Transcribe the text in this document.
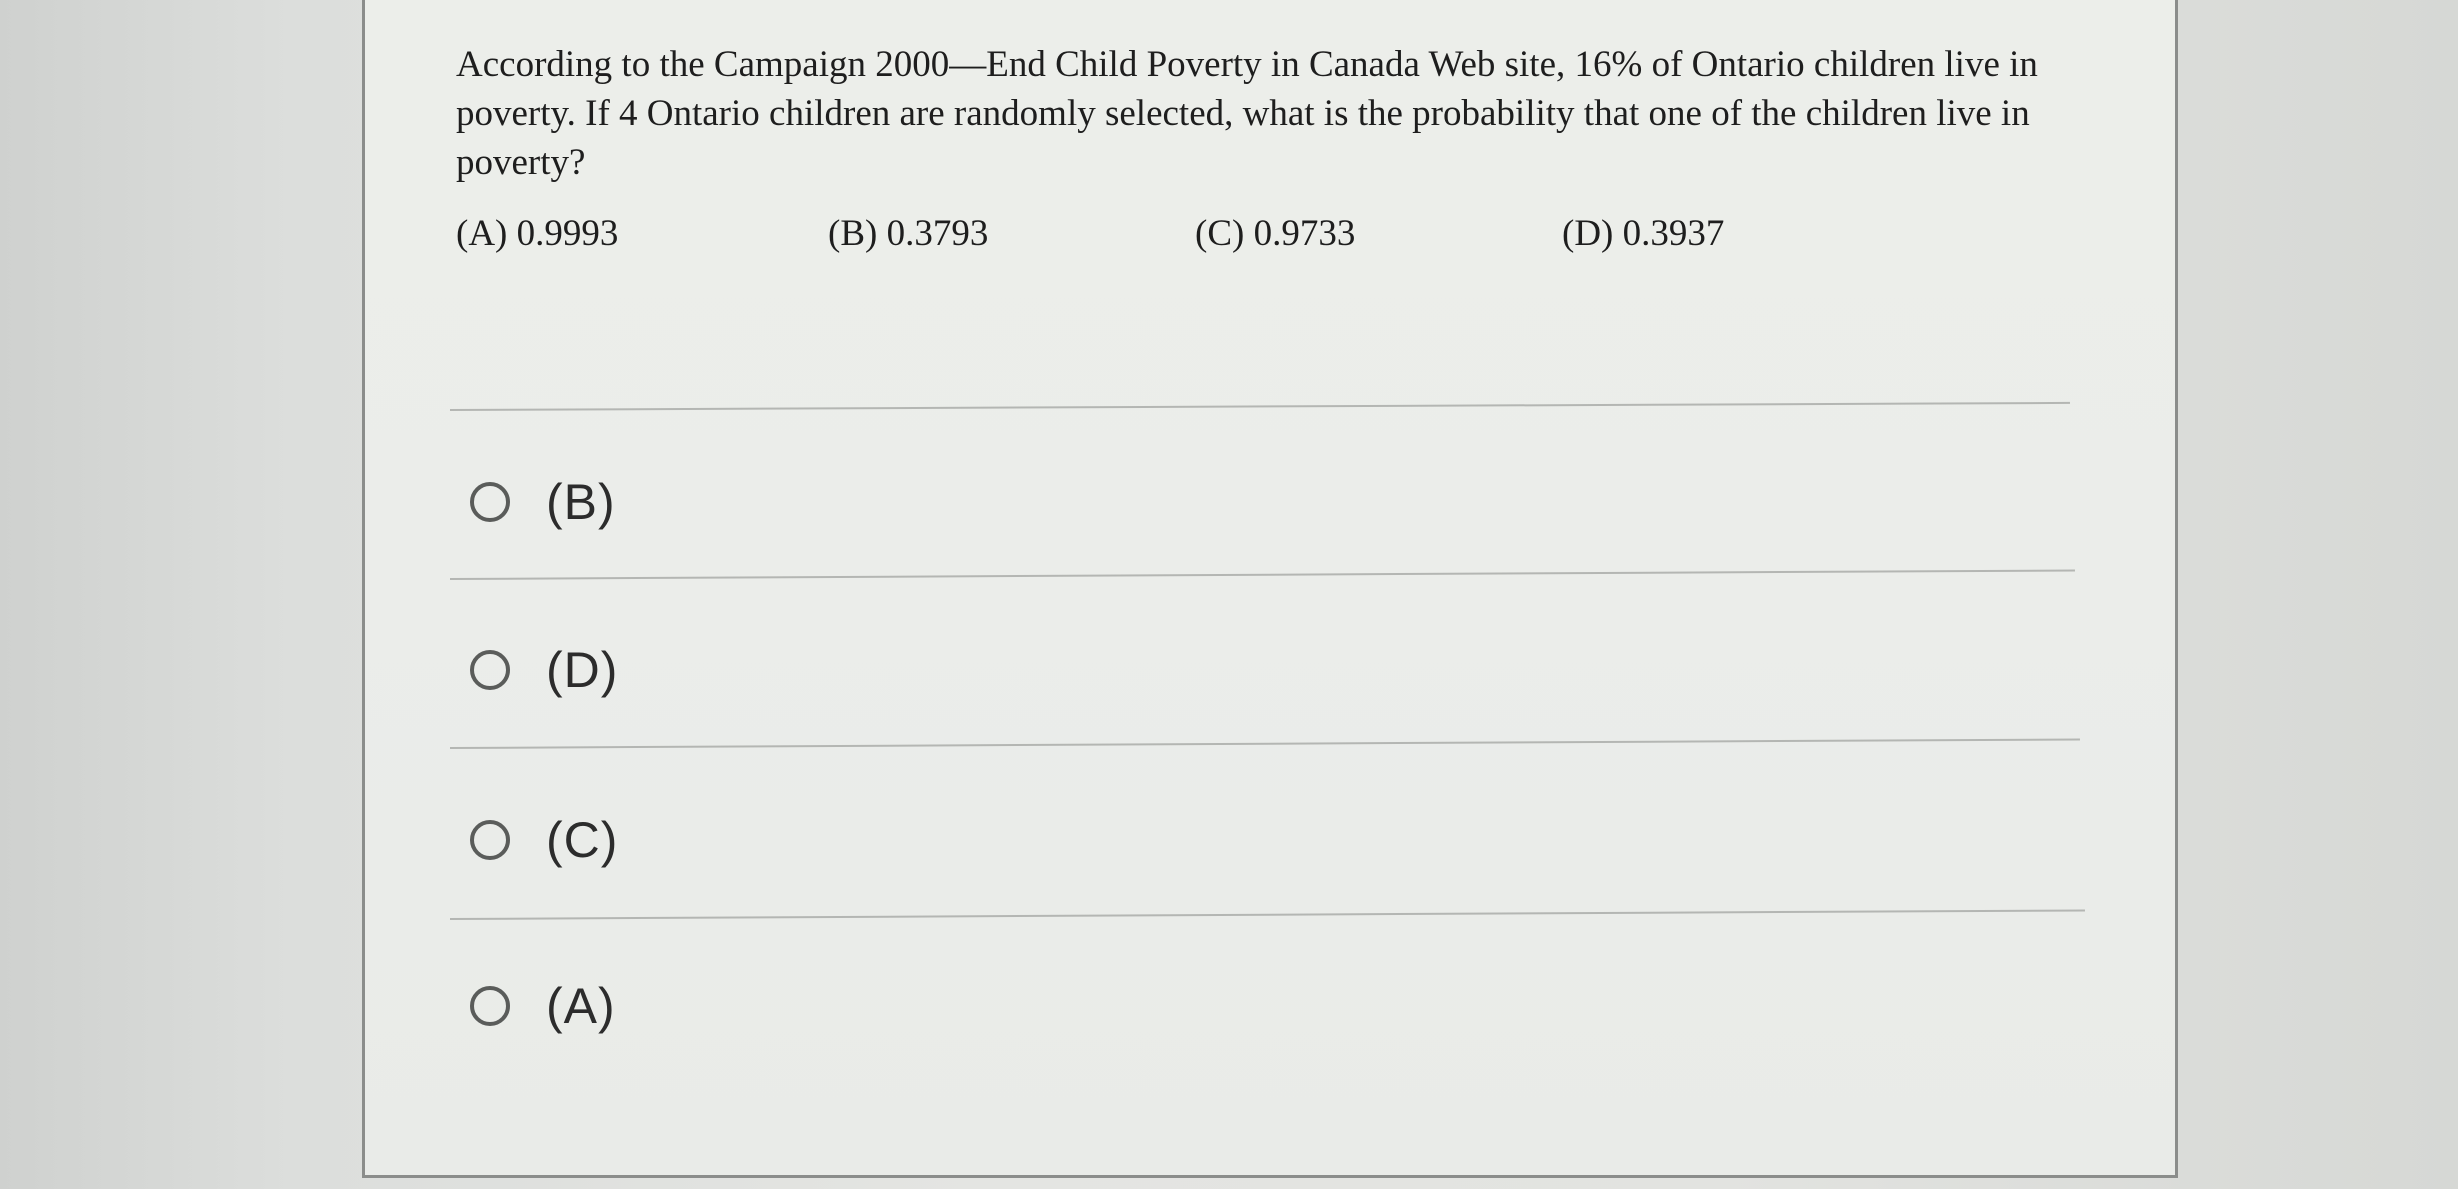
According to the Campaign 2000—End Child Poverty in Canada Web site, 16% of Ontario children live in poverty. If 4 Ontario children are randomly selected, what is the probability that one of the children live in poverty?

(A) 0.9993	(B) 0.3793	(C) 0.9733	(D) 0.3937
(B)
(D)
(C)
(A)
